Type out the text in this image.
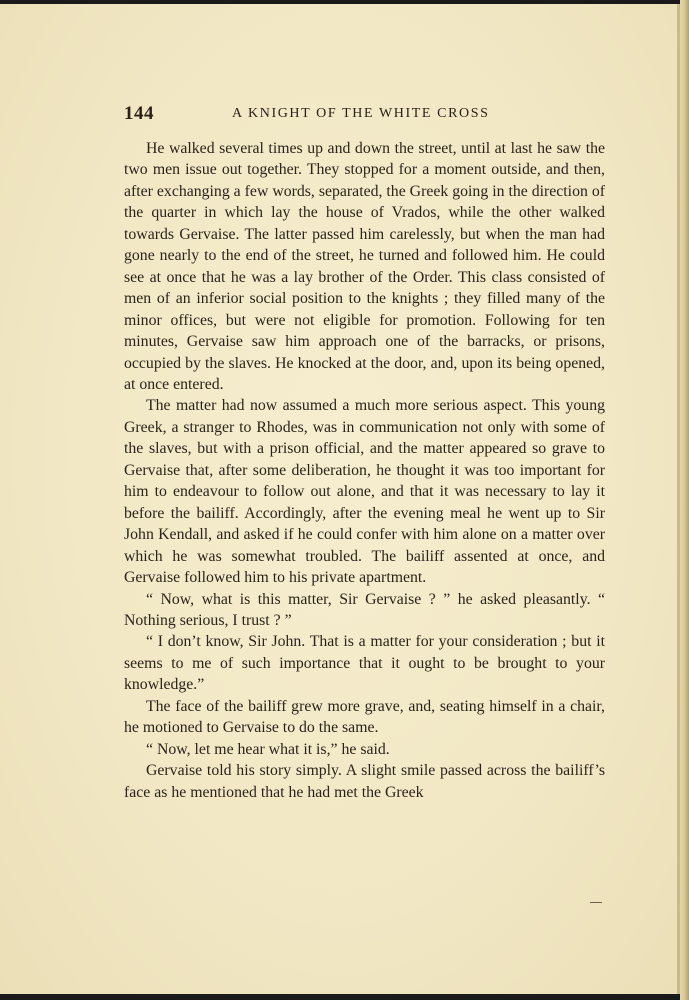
144	A KNIGHT OF THE WHITE CROSS

He walked several times up and down the street, until at last he saw the two men issue out together. They stopped for a moment outside, and then, after exchanging a few words, separated, the Greek going in the direction of the quarter in which lay the house of Vrados, while the other walked towards Gervaise. The latter passed him carelessly, but when the man had gone nearly to the end of the street, he turned and followed him. He could see at once that he was a lay brother of the Order. This class consisted of men of an inferior social position to the knights ; they filled many of the minor offices, but were not eligible for promotion. Following for ten minutes, Gervaise saw him approach one of the barracks, or prisons, occupied by the slaves. He knocked at the door, and, upon its being opened, at once entered.

The matter had now assumed a much more serious aspect. This young Greek, a stranger to Rhodes, was in communication not only with some of the slaves, but with a prison official, and the matter appeared so grave to Gervaise that, after some deliberation, he thought it was too important for him to endeavour to follow out alone, and that it was necessary to lay it before the bailiff. Accordingly, after the evening meal he went up to Sir John Kendall, and asked if he could confer with him alone on a matter over which he was somewhat troubled. The bailiff assented at once, and Gervaise followed him to his private apartment.

“ Now, what is this matter, Sir Gervaise ? ” he asked pleasantly. “ Nothing serious, I trust ? ”

“ I don’t know, Sir John. That is a matter for your consideration ; but it seems to me of such importance that it ought to be brought to your knowledge.”

The face of the bailiff grew more grave, and, seating himself in a chair, he motioned to Gervaise to do the same.

“ Now, let me hear what it is,” he said.

Gervaise told his story simply. A slight smile passed across the bailiff’s face as he mentioned that he had met the Greek
